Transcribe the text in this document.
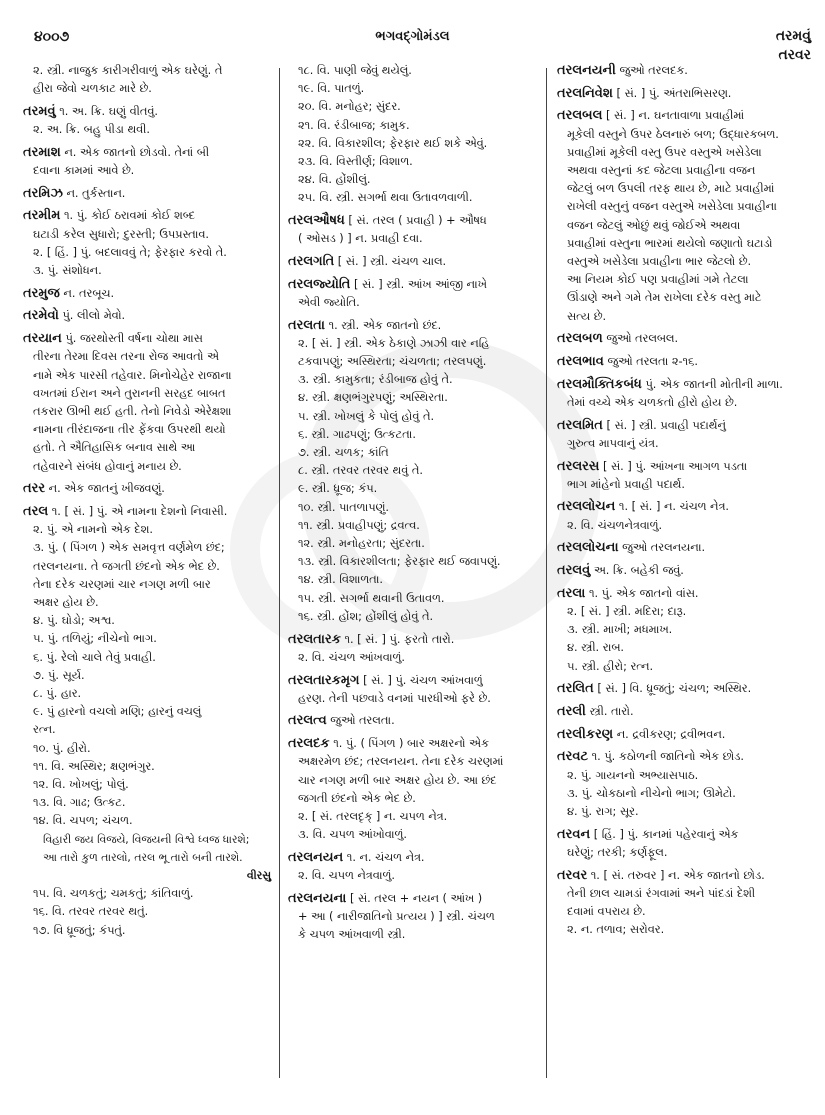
૪૦૦૭	ભગવદ્ગોમંડલ	તરમવું
તરવર
૨. સ્ત્રી. નાજુક કારીગરીવાળું એક ઘરેણું. તે
હીરા જેવો ચળકાટ મારે છે.
તરમવું ૧. અ. ક્રિ. ઘણું વીતવું.
૨. અ. ક્રિ. બહુ પીડા થવી.
તરમાશ ન. એક જાતનો છોડવો. તેનાં બી
દવાના કામમાં આવે છે.
તરમિઝ ન. તુર્કસ્તાન.
તરમીમ ૧. પું. કોઈ ઠરાવમાં કોઈ શબ્દ
ઘટાડી કરેલ સુધારો; દુરસ્તી; ઉપપ્રસ્તાવ.
૨. [ હિં. ] પું. બદલાવવું તે; ફેરફાર કરવો તે.
૩. પું. સંશોધન.
તરમુજ ન. તરબૂચ.
તરમેવો પું. લીલો મેવો.
તરયાન પું. જરથોસ્તી વર્ષના ચોથા માસ
તીરના તેરમા દિવસ તરના રોજ આવતો એ
નામે એક પારસી તહેવાર. મિનોચેહેર રાજાના
વખતમાં ઈરાન અને તુરાનની સરહદ બાબત
તકરાર ઊભી થઈ હતી. તેનો નિવેડો એરેક્ષશા
નામના તીરંદાજના તીર ફેંકવા ઉપરથી થયો
હતો. તે ઐતિહાસિક બનાવ સાથે આ
તહેવારને સંબંધ હોવાનું મનાય છે.
તરર ન. એક જાતનું ખીજવણું.
તરલ ૧. [ સં. ] પું. એ નામના દેશનો નિવાસી.
૨. પું. એ નામનો એક દેશ.
૩. પું. ( પિંગળ ) એક સમવૃત્ત વર્ણમેળ છંદ;
તરલનયના. તે જગતી છંદનો એક ભેદ છે.
તેના દરેક ચરણમાં ચાર નગણ મળી બાર
અક્ષર હોય છે.
૪. પું. ઘોડો; અશ્વ.
૫. પું. તળિયું; નીચેનો ભાગ.
૬. પું. રેલો ચાલે તેવું પ્રવાહી.
૭. પું. સૂર્ય.
૮. પું. હાર.
૯. પું હારનો વચલો મણિ; હારનું વચલું
રત્ન.
૧૦. પું. હીરો.
૧૧. વિ. અસ્થિર; ક્ષણભંગુર.
૧૨. વિ. ખોખલું; પોલું.
૧૩. વિ. ગાઢ; ઉત્કટ.
૧૪. વિ. ચપળ; ચંચળ.
વિહારી જય વિજયે, વિજયની વિશ્વે ધ્વજ ધારશે;
આ તારો કુળ તારલો, તરલ ભૂ તારો બની તારશે.
વીરસુ
૧૫. વિ. ચળકતું; ચમકતું; કાંતિવાળું.
૧૬. વિ. તરવર તરવર થતું.
૧૭. વિ ધ્રૂજતું; કંપતું.
૧૮. વિ. પાણી જેવું થયેલું.
૧૯. વિ. પાતળું.
૨૦. વિ. મનોહર; સુંદર.
૨૧. વિ. રંડીબાજ; કામુક.
૨૨. વિ. વિકારશીલ; ફેરફાર થઈ શકે એવું.
૨૩. વિ. વિસ્તીર્ણ; વિશાળ.
૨૪. વિ. હોંશીલું.
૨૫. વિ. સ્ત્રી. સગર્ભા થવા ઉતાવળવાળી.
તરલઔષધ [ સં. તરલ ( પ્રવાહી ) + ઔષધ
( ઓસડ ) ] ન. પ્રવાહી દવા.
તરલગતિ [ સં. ] સ્ત્રી. ચંચળ ચાલ.
તરલજ્યોતિ [ સં. ] સ્ત્રી. આંખ આંજી નાખે
એવી જ્યોતિ.
તરલતા ૧. સ્ત્રી. એક જાતનો છંદ.
૨. [ સં. ] સ્ત્રી. એક ઠેકાણે ઝાઝી વાર નહિ
ટકવાપણું; અસ્થિરતા; ચંચળતા; તરલપણું.
૩. સ્ત્રી. કામુકતા; રંડીબાજ હોવું તે.
૪. સ્ત્રી. ક્ષણભંગુરપણું; અસ્થિરતા.
૫. સ્ત્રી. ખોખલું કે પોલું હોવું તે.
૬. સ્ત્રી. ગાઢપણું; ઉત્કટતા.
૭. સ્ત્રી. ચળક; કાંતિ
૮. સ્ત્રી. તરવર તરવર થવું તે.
૯. સ્ત્રી. ધ્રૂજ; કંપ.
૧૦. સ્ત્રી. પાતળાપણું.
૧૧. સ્ત્રી. પ્રવાહીપણું; દ્રવત્વ.
૧૨. સ્ત્રી. મનોહરતા; સુંદરતા.
૧૩. સ્ત્રી. વિકારશીલતા; ફેરફાર થઈ જવાપણું.
૧૪. સ્ત્રી. વિશાળતા.
૧૫. સ્ત્રી. સગર્ભા થવાની ઉતાવળ.
૧૬. સ્ત્રી. હોંશ; હોંશીલું હોવું તે.
તરલતારક ૧. [ સં. ] પું. ફરતો તારો.
૨. વિ. ચંચળ આંખવાળું.
તરલતારકમૃગ [ સં. ] પું. ચંચળ આંખવાળું
હરણ. તેની પછવાડે વનમાં પારધીઓ ફરે છે.
તરલત્વ જુઓ તરલતા.
તરલદક ૧. પું. ( પિંગળ ) બાર અક્ષરનો એક
અક્ષરમેળ છંદ; તરલનયન. તેના દરેક ચરણમાં
ચાર નગણ મળી બાર અક્ષર હોય છે. આ છંદ
જગતી છંદનો એક ભેદ છે.
૨. [ સં. તરલદૃક્ ] ન. ચપળ નેત્ર.
૩. વિ. ચપળ આંખોવાળું.
તરલનયન ૧. ન. ચંચળ નેત્ર.
૨. વિ. ચપળ નેત્રવાળું.
તરલનયના [ સં. તરલ + નયન ( આંખ )
+ આ ( નારીજાતિનો પ્રત્યય ) ] સ્ત્રી. ચંચળ
કે ચપળ આંખવાળી સ્ત્રી.
તરલનયની જુઓ તરલદક.
તરલનિવેશ [ સં. ] પું. અંતરાભિસરણ.
તરલબલ [ સં. ] ન. ઘનતાવાળા પ્રવાહીમાં
મૂકેલી વસ્તુને ઉપર ઠેલનારું બળ; ઉદ્ધારકબળ.
પ્રવાહીમાં મૂકેલી વસ્તુ ઉપર વસ્તુએ ખસેડેલા
અથવા વસ્તુનાં કદ જેટલા પ્રવાહીના વજન
જેટલું બળ ઉપલી તરફ થાય છે, માટે પ્રવાહીમાં
રાખેલી વસ્તુનું વજન વસ્તુએ ખસેડેલા પ્રવાહીના
વજન જેટલું ઓછું થવું જોઈએ અથવા
પ્રવાહીમાં વસ્તુના ભારમાં થયેલો જણાતો ઘટાડો
વસ્તુએ ખસેડેલા પ્રવાહીના ભાર જેટલો છે.
આ નિયમ કોઈ પણ પ્રવાહીમાં ગમે તેટલા
ઊંડાણે અને ગમે તેમ રાખેલા દરેક વસ્તુ માટે
સત્ય છે.
તરલબળ જુઓ તરલબલ.
તરલભાવ જુઓ તરલતા ૨-૧૬.
તરલમૌક્તિકબંધ પું. એક જાતની મોતીની માળા.
તેમાં વચ્ચે એક ચળકતો હીરો હોય છે.
તરલમિત [ સં. ] સ્ત્રી. પ્રવાહી પદાર્થનું
ગુરુત્વ માપવાનું યંત્ર.
તરલરસ [ સં. ] પું. આંખના આગળ પડતા
ભાગ માંહેનો પ્રવાહી પદાર્થ.
તરલલોચન ૧. [ સં. ] ન. ચંચળ નેત્ર.
૨. વિ. ચંચળનેત્રવાળું.
તરલલોચના જુઓ તરલનયના.
તરલવું અ. ક્રિ. બહેકી જવું.
તરલા ૧. પું. એક જાતનો વાંસ.
૨. [ સં. ] સ્ત્રી. મદિરા; દારૂ.
૩. સ્ત્રી. માખી; મધમાખ.
૪. સ્ત્રી. રાબ.
૫. સ્ત્રી. હીરો; રત્ન.
તરલિત [ સં. ] વિ. ધ્રૂજતું; ચંચળ; અસ્થિર.
તરલી સ્ત્રી. તારો.
તરલીકરણ ન. દ્રવીકરણ; દ્રવીભવન.
તરવટ ૧. પું. કઠોળની જાતિનો એક છોડ.
૨. પું. ગાયનનો અભ્યાસપાઠ.
૩. પું. ચોકઠાનો નીચેનો ભાગ; ઊમેટો.
૪. પું. રાગ; સૂર.
તરવન [ હિં. ] પું. કાનમાં પહેરવાનું એક
ઘરેણું; તરકી; કર્ણફૂલ.
તરવર ૧. [ સં. તરુવર ] ન. એક જાતનો છોડ.
તેની છાલ ચામડાં રંગવામાં અને પાંદડાં દેશી
દવામાં વપરાય છે.
૨. ન. તળાવ; સરોવર.
